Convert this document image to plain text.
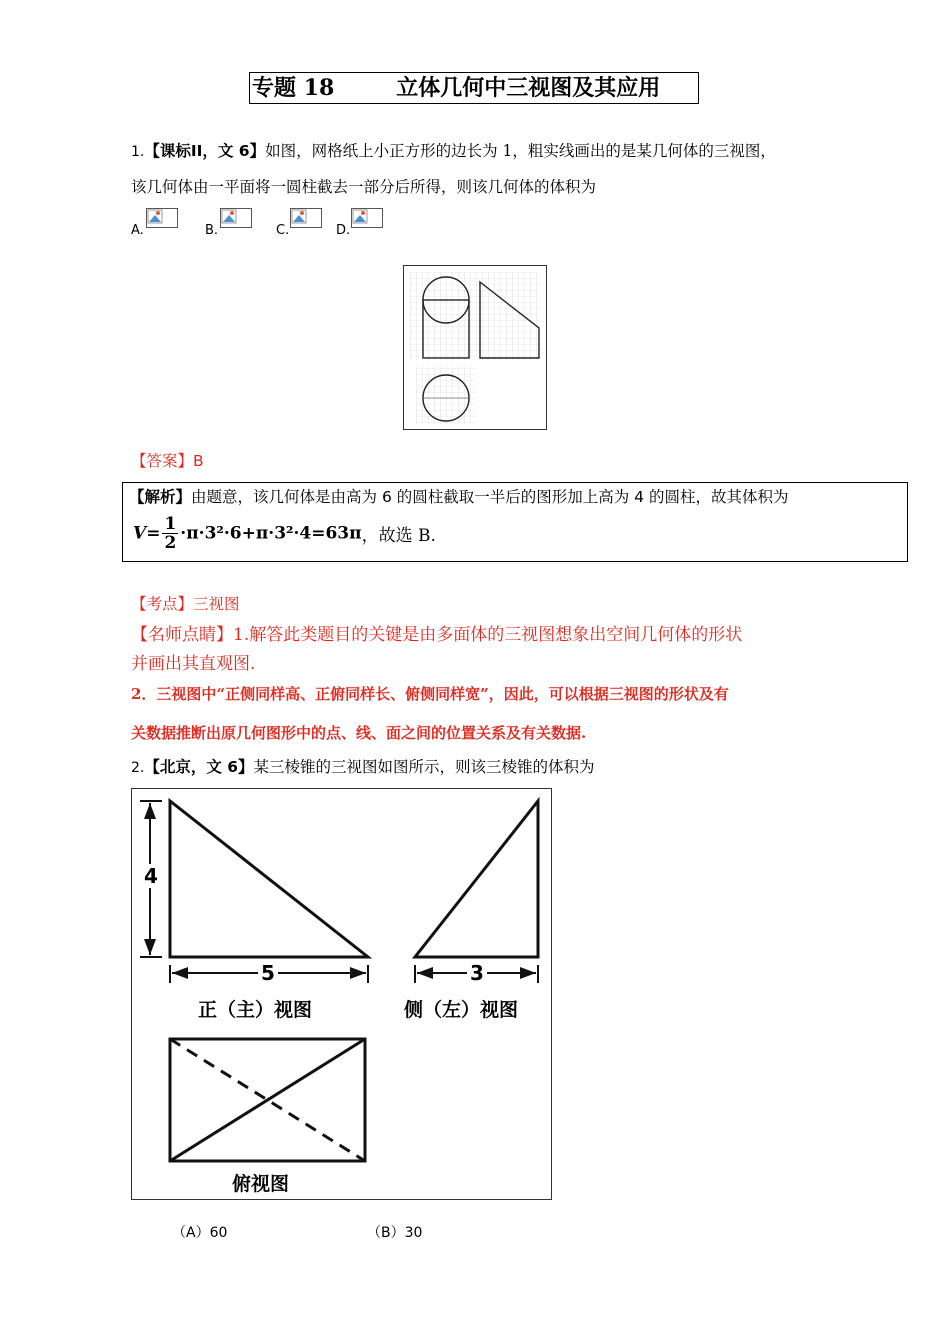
专题 18	立体几何中三视图及其应用
1.【课标II，文 6】如图，网格纸上小正方形的边长为 1，粗实线画出的是某几何体的三视图，
该几何体由一平面将一圆柱截去一部分后所得，则该几何体的体积为
A.	B.	C.	D.
【答案】B
【解析】由题意，该几何体是由高为 6 的圆柱截取一半后的图形加上高为 4 的圆柱，故其体积为
$V= \frac{1}{2} \cdot\pi\cdot 3^2\cdot 6+\pi\cdot 3^2\cdot 4=63\pi$，故选 B.
【考点】三视图
【名师点睛】1.解答此类题目的关键是由多面体的三视图想象出空间几何体的形状
并画出其直观图.
2．三视图中“正侧同样高、正俯同样长、俯侧同样宽”，因此，可以根据三视图的形状及有
关数据推断出原几何图形中的点、线、面之间的位置关系及有关数据.
2.【北京，文 6】某三棱锥的三视图如图所示，则该三棱锥的体积为
4
5	3
正（主）视图	侧（左）视图
俯视图
（A）60	（B）30
